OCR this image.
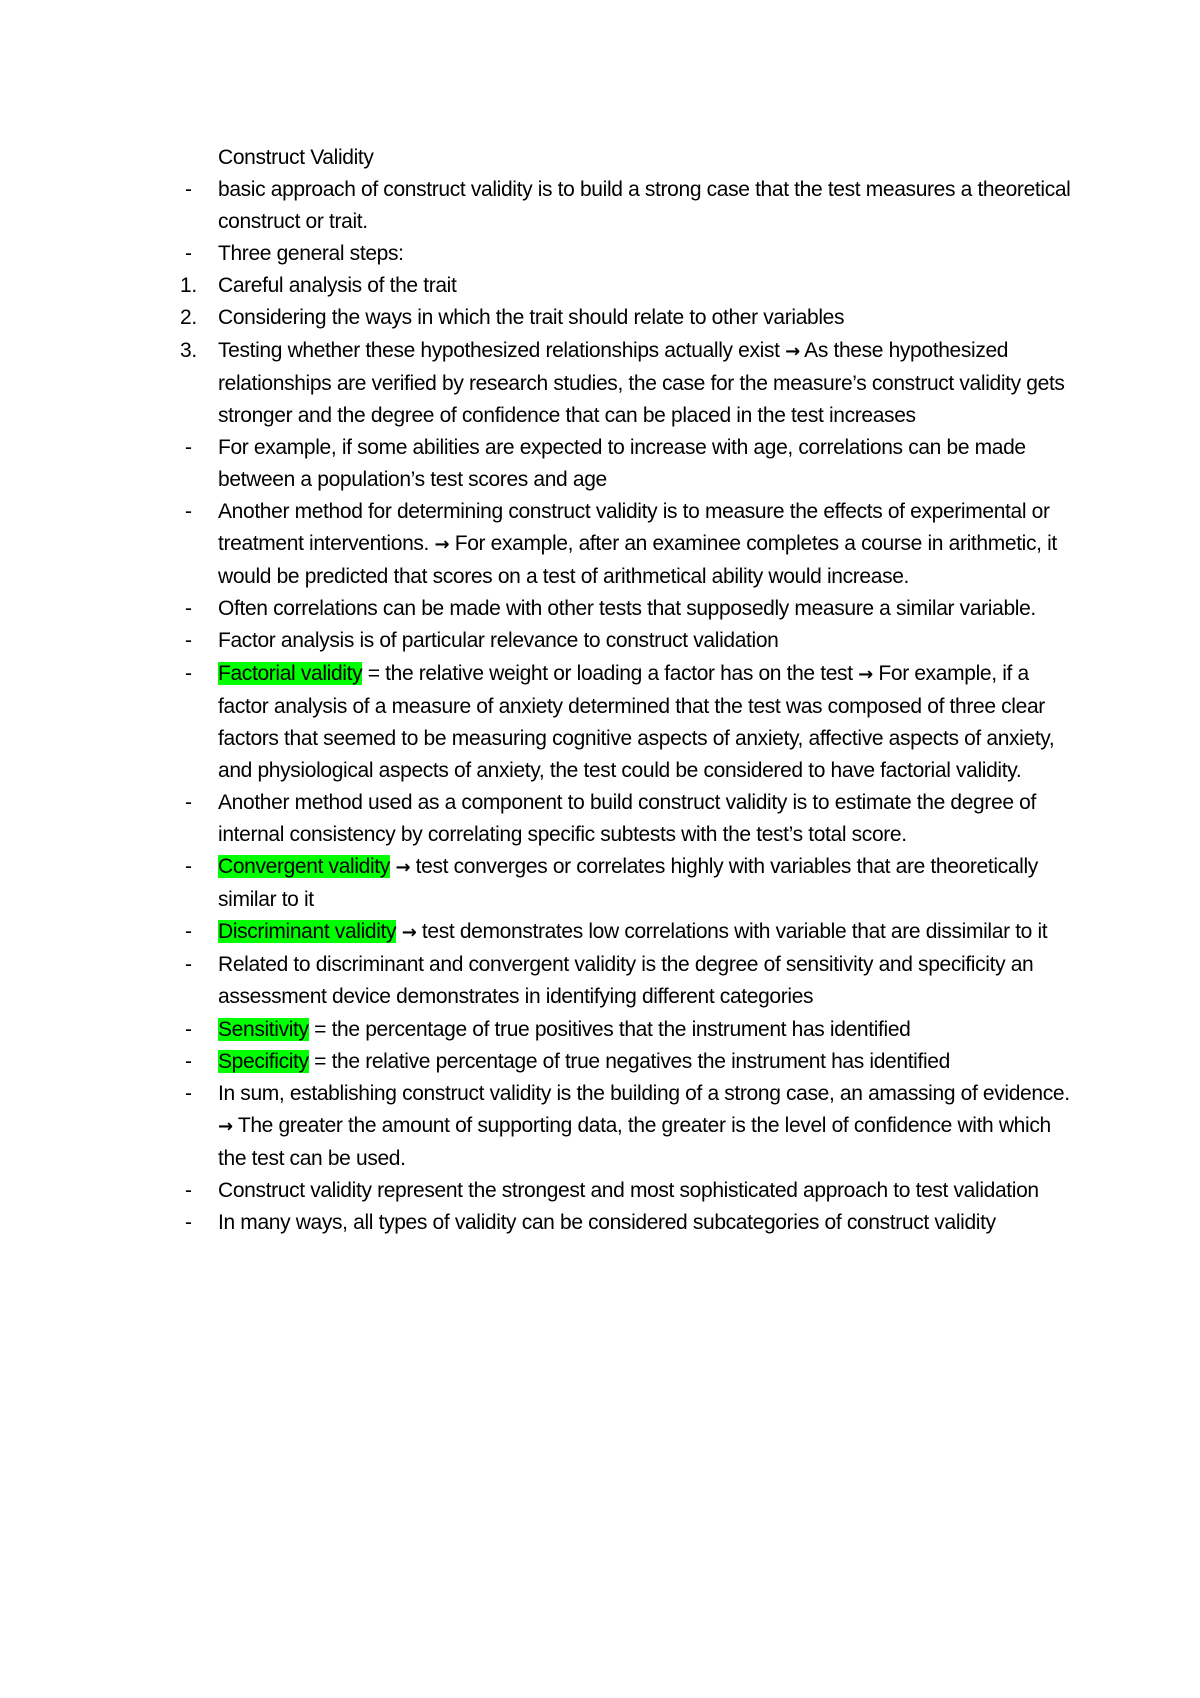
Construct Validity

-	basic approach of construct validity is to build a strong case that the test measures a theoretical construct or trait.
-	Three general steps:
1.	Careful analysis of the trait
2.	Considering the ways in which the trait should relate to other variables
3.	Testing whether these hypothesized relationships actually exist → As these hypothesized relationships are verified by research studies, the case for the measure’s construct validity gets stronger and the degree of confidence that can be placed in the test increases
-	For example, if some abilities are expected to increase with age, correlations can be made between a population’s test scores and age
-	Another method for determining construct validity is to measure the effects of experimental or treatment interventions. → For example, after an examinee completes a course in arithmetic, it would be predicted that scores on a test of arithmetical ability would increase.
-	Often correlations can be made with other tests that supposedly measure a similar variable.
-	Factor analysis is of particular relevance to construct validation
-	Factorial validity = the relative weight or loading a factor has on the test → For example, if a factor analysis of a measure of anxiety determined that the test was composed of three clear factors that seemed to be measuring cognitive aspects of anxiety, affective aspects of anxiety, and physiological aspects of anxiety, the test could be considered to have factorial validity.
-	Another method used as a component to build construct validity is to estimate the degree of internal consistency by correlating specific subtests with the test’s total score.
-	Convergent validity → test converges or correlates highly with variables that are theoretically similar to it
-	Discriminant validity → test demonstrates low correlations with variable that are dissimilar to it
-	Related to discriminant and convergent validity is the degree of sensitivity and specificity an assessment device demonstrates in identifying different categories
-	Sensitivity = the percentage of true positives that the instrument has identified
-	Specificity = the relative percentage of true negatives the instrument has identified
-	In sum, establishing construct validity is the building of a strong case, an amassing of evidence. → The greater the amount of supporting data, the greater is the level of confidence with which the test can be used.
-	Construct validity represent the strongest and most sophisticated approach to test validation
-	In many ways, all types of validity can be considered subcategories of construct validity
